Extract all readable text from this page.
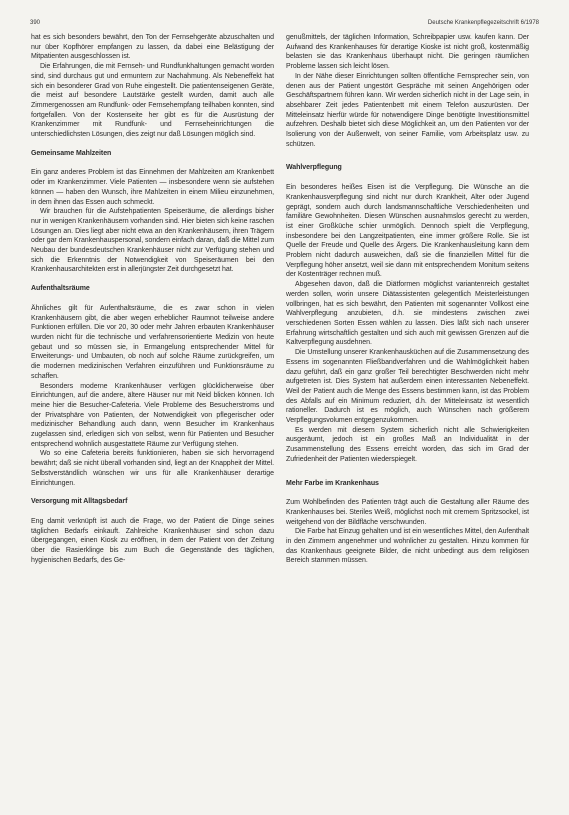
390	Deutsche Krankenpflegezeitschrift 6/1978

hat es sich besonders bewährt, den Ton der Fernsehgeräte abzuschalten und nur über Kopfhörer empfangen zu lassen, da dabei eine Belästigung der Mitpatienten ausgeschlossen ist.

Die Erfahrungen, die mit Fernseh- und Rundfunkhaltungen gemacht worden sind, sind durchaus gut und ermuntern zur Nachahmung. Als Nebeneffekt hat sich ein besonderer Grad von Ruhe eingestellt. Die patientenseigenen Geräte, die meist auf besondere Lautstärke gestellt wurden, damit auch alle Zimmergenossen am Rundfunk- oder Fernsehempfang teilhaben konnten, sind fortgefallen. Von der Kostenseite her gibt es für die Ausrüstung der Krankenzimmer mit Rundfunk- und Fernseheinrichtungen die unterschiedlichsten Lösungen, dies zeigt nur daß Lösungen möglich sind.

Gemeinsame Mahlzeiten

Ein ganz anderes Problem ist das Einnehmen der Mahlzeiten am Krankenbett oder im Krankenzimmer. Viele Patienten — insbesondere wenn sie aufstehen können — haben den Wunsch, ihre Mahlzeiten in einem Milieu einzunehmen, in dem ihnen das Essen auch schmeckt.

Wir brauchen für die Aufstehpatienten Speiseräume, die allerdings bisher nur in wenigen Krankenhäusern vorhanden sind. Hier bieten sich keine raschen Lösungen an. Dies liegt aber nicht etwa an den Krankenhäusern, ihren Trägern oder gar dem Krankenhauspersonal, sondern einfach daran, daß die Mittel zum Neubau der bundesdeutschen Krankenhäuser nicht zur Verfügung stehen und sich die Erkenntnis der Notwendigkeit von Speiseräumen bei den Krankenhausarchitekten erst in allerjüngster Zeit durchgesetzt hat.

Aufenthaltsräume

Ähnliches gilt für Aufenthaltsräume, die es zwar schon in vielen Krankenhäusern gibt, die aber wegen erheblicher Raumnot teilweise andere Funktionen erfüllen. Die vor 20, 30 oder mehr Jahren erbauten Krankenhäuser wurden nicht für die technische und verfahrensorientierte Medizin von heute gebaut und so müssen sie, in Ermangelung entsprechender Mittel für Erweiterungs- und Umbauten, ob noch auf solche Räume zurückgreifen, um die modernen medizinischen Verfahren einzuführen und Funktionsräume zu schaffen.

Besonders moderne Krankenhäuser verfügen glücklicherweise über Einrichtungen, auf die andere, ältere Häuser nur mit Neid blicken können. Ich meine hier die Besucher-Cafeteria. Viele Probleme des Besucherstroms und der Privatsphäre von Patienten, der Notwendigkeit von pflegerischer oder medizinischer Behandlung auch dann, wenn Besucher im Krankenhaus zugelassen sind, erledigen sich von selbst, wenn für Patienten und Besucher entsprechend wohnlich ausgestattete Räume zur Verfügung stehen.

Wo so eine Cafeteria bereits funktionieren, haben sie sich hervorragend bewährt; daß sie nicht überall vorhanden sind, liegt an der Knappheit der Mittel. Selbstverständlich wünschen wir uns für alle Krankenhäuser derartige Einrichtungen.

Versorgung mit Alltagsbedarf

Eng damit verknüpft ist auch die Frage, wo der Patient die Dinge seines täglichen Bedarfs einkauft. Zahlreiche Krankenhäuser sind schon dazu übergegangen, einen Kiosk zu eröffnen, in dem der Patient von der Zeitung über die Rasierklinge bis zum Buch die Gegenstände des täglichen, hygienischen Bedarfs, des Ge-

genußmittels, der täglichen Information, Schreibpapier usw. kaufen kann. Der Aufwand des Krankenhauses für derartige Kioske ist nicht groß, kostenmäßig belasten sie das Krankenhaus überhaupt nicht. Die geringen räumlichen Probleme lassen sich leicht lösen.

In der Nähe dieser Einrichtungen sollten öffentliche Fernsprecher sein, von denen aus der Patient ungestört Gespräche mit seinen Angehörigen oder Geschäftspartnern führen kann. Wir werden sicherlich nicht in der Lage sein, in absehbarer Zeit jedes Patientenbett mit einem Telefon auszurüsten. Der Mitteleinsatz hierfür würde für notwendigere Dinge benötigte Investitionsmittel aufzehren. Deshalb bietet sich diese Möglichkeit an, um den Patienten vor der Isolierung von der Außenwelt, von seiner Familie, vom Arbeitsplatz usw. zu schützen.

Wahlverpflegung

Ein besonderes heißes Eisen ist die Verpflegung. Die Wünsche an die Krankenhausverpflegung sind nicht nur durch Krankheit, Alter oder Jugend geprägt, sondern auch durch landsmannschaftliche Verschiedenheiten und familiäre Gewohnheiten. Diesen Wünschen ausnahmslos gerecht zu werden, ist einer Großküche schier unmöglich. Dennoch spielt die Verpflegung, insbesondere bei den Langzeitpatienten, eine immer größere Rolle. Sie ist Quelle der Freude und Quelle des Ärgers. Die Krankenhausleitung kann dem Problem nicht dadurch ausweichen, daß sie die finanziellen Mittel für die Verpflegung höher ansetzt, weil sie dann mit entsprechendem Monitum seitens der Kostenträger rechnen muß.

Abgesehen davon, daß die Diätformen möglichst variantenreich gestaltet werden sollen, worin unsere Diätassistenten gelegentlich Meisterleistungen vollbringen, hat es sich bewährt, den Patienten mit sogenannter Vollkost eine Wahlverpflegung anzubieten, d.h. sie mindestens zwischen zwei verschiedenen Sorten Essen wählen zu lassen. Dies läßt sich nach unserer Erfahrung wirtschaftlich gestalten und sich auch mit gewissen Grenzen auf die Kaltverpflegung ausdehnen.

Die Umstellung unserer Krankenhausküchen auf die Zusammensetzung des Essens im sogenannten Fließbandverfahren und die Wahlmöglichkeit haben dazu geführt, daß ein ganz großer Teil berechtigter Beschwerden nicht mehr aufgetreten ist. Dies System hat außerdem einen interessanten Nebeneffekt. Weil der Patient auch die Menge des Essens bestimmen kann, ist das Problem des Abfalls auf ein Minimum reduziert, d.h. der Mitteleinsatz ist wesentlich rationeller. Dadurch ist es möglich, auch Wünschen nach größerem Verpflegungsvolumen entgegenzukommen.

Es werden mit diesem System sicherlich nicht alle Schwierigkeiten ausgeräumt, jedoch ist ein großes Maß an Individualität in der Zusammenstellung des Essens erreicht worden, das sich im Grad der Zufriedenheit der Patienten wiederspiegelt.

Mehr Farbe im Krankenhaus

Zum Wohlbefinden des Patienten trägt auch die Gestaltung aller Räume des Krankenhauses bei. Steriles Weiß, möglichst noch mit cremem Spritzsockel, ist weitgehend von der Bildfläche verschwunden.

Die Farbe hat Einzug gehalten und ist ein wesentliches Mittel, den Aufenthalt in den Zimmern angenehmer und wohnlicher zu gestalten. Hinzu kommen für das Krankenhaus geeignete Bilder, die nicht unbedingt aus dem religiösen Bereich stammen müssen.
